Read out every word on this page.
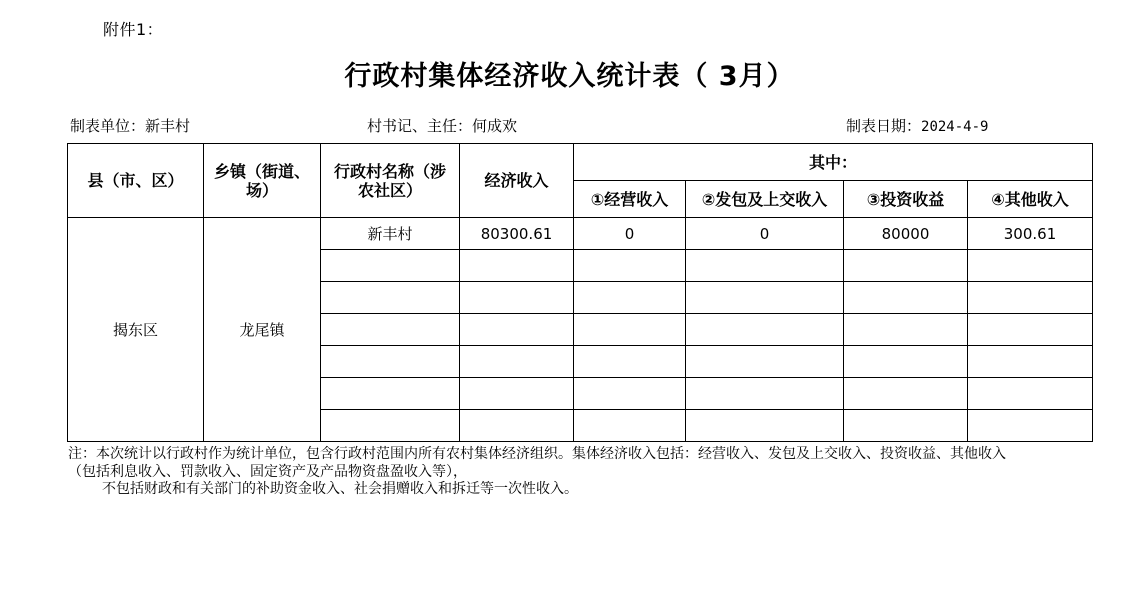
附件1：
行政村集体经济收入统计表（ 3月）
制表单位：新丰村	村书记、主任：何成欢	制表日期：2024-4-9
县（市、区）	乡镇（街道、场）	行政村名称（涉农社区）	经济收入	其中：			
				①经营收入	②发包及上交收入	③投资收益	④其他收入
揭东区	龙尾镇	新丰村	80300.61	0	0	80000	300.61

注：本次统计以行政村作为统计单位，包含行政村范围内所有农村集体经济组织。集体经济收入包括：经营收入、发包及上交收入、投资收益、其他收入
（包括利息收入、罚款收入、固定资产及产品物资盘盈收入等），
不包括财政和有关部门的补助资金收入、社会捐赠收入和拆迁等一次性收入。
